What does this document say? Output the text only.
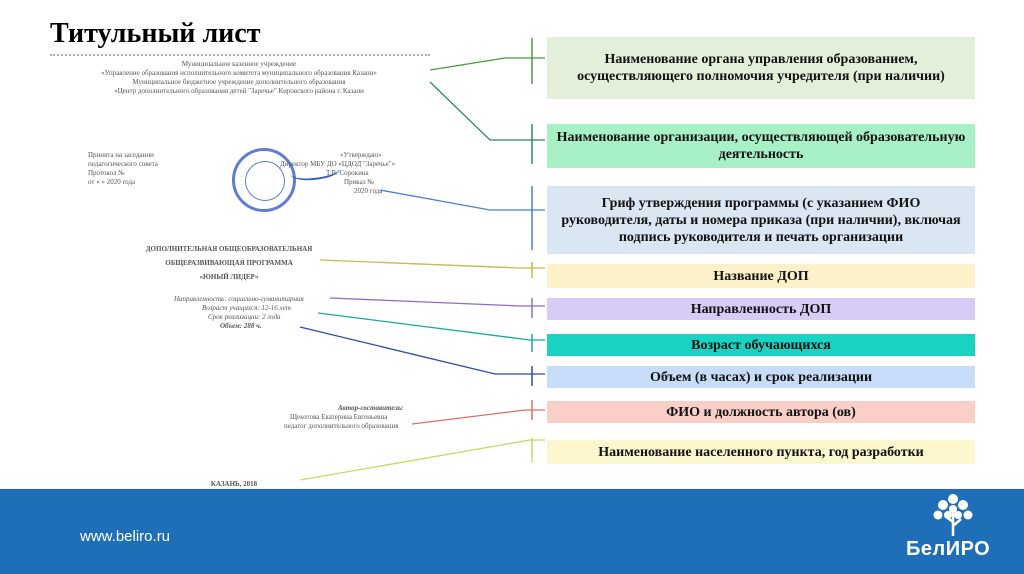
Титульный лист
Муниципальное казенное учреждение
«Управление образования исполнительного комитета муниципального образования Казани»
Муниципальное бюджетное учреждение дополнительного образования
«Центр дополнительного образования детей "Заречье" Кировского района г. Казани
Принята на заседании
педагогического совета
Протокол №
от « » 2020 года
«Утверждаю»
Директор МБУ ДО «ЦДОД "Заречье"»
Т.В. Сорокина
Приказ №
2020 года
ДОПОЛНИТЕЛЬНАЯ ОБЩЕОБРАЗОВАТЕЛЬНАЯ
ОБЩЕРАЗВИВАЮЩАЯ ПРОГРАММА
«ЮНЫЙ ЛИДЕР»
Направленность: социально-гуманитарная
Возраст учащихся: 12-16 лет
Срок реализации: 2 года
Объем: 288 ч.
Автор-составитель:
Щекотова Екатерина Евгеньевна
педагог дополнительного образования
КАЗАНЬ, 2018
Наименование органа управления образованием, осуществляющего полномочия учредителя (при наличии)
Наименование организации, осуществляющей образовательную деятельность
Гриф утверждения программы (с указанием ФИО руководителя, даты и номера приказа (при наличии), включая подпись руководителя и печать организации
Название ДОП
Направленность ДОП
Возраст обучающихся
Объем (в часах) и срок реализации
ФИО и должность автора (ов)
Наименование населенного пункта, год разработки
www.beliro.ru
БелИРО
